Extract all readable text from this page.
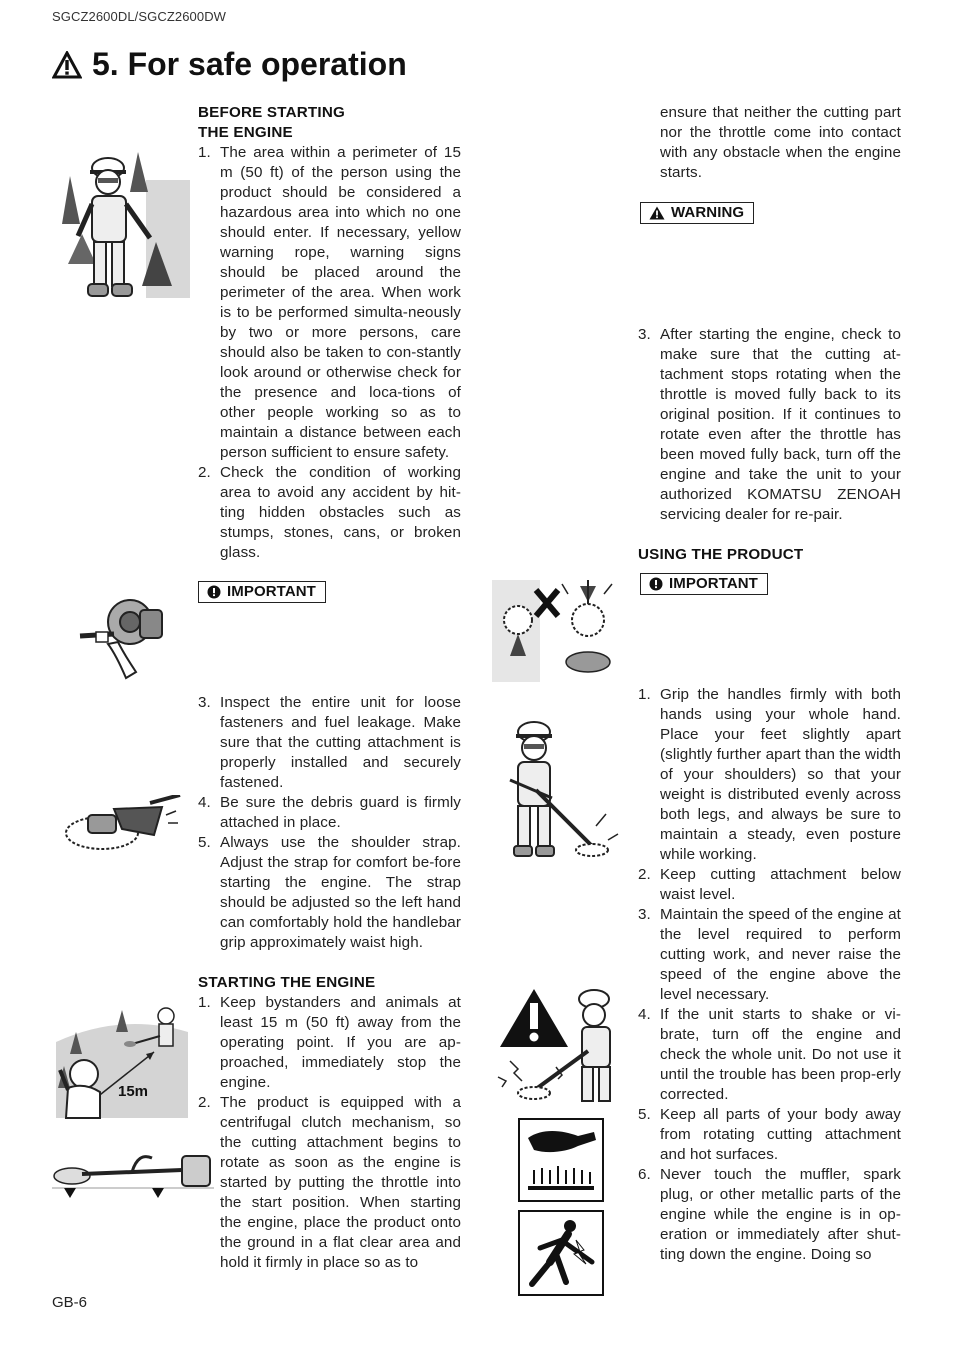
SGCZ2600DL/SGCZ2600DW
5. For safe operation

BEFORE STARTING

THE ENGINE

1. The area within a perimeter of 15 m (50 ft) of the person using the product should be considered a hazardous area into which no one should enter. If necessary, yellow warning rope, warning signs should be placed around the perimeter of the area. When work is to be performed simulta-neously by two or more persons, care should also be taken to con-stantly look around or otherwise check for the presence and loca-tions of other people working so as to maintain a distance between each person sufficient to ensure safety.
2. Check the condition of working area to avoid any accident by hit-ting hidden obstacles such as stumps, stones, cans, or broken glass.
IMPORTANT
3. Inspect the entire unit for loose fasteners and fuel leakage. Make sure that the cutting attachment is properly installed and securely fastened.
4. Be sure the debris guard is firmly attached in place.
5. Always use the shoulder strap. Adjust the strap for comfort be-fore starting the engine. The strap should be adjusted so the left hand can comfortably hold the handlebar grip approximately waist high.

STARTING THE ENGINE

1. Keep bystanders and animals at least 15 m (50 ft) away from the operating point. If you are ap-proached, immediately stop the engine.
2. The product is equipped with a centrifugal clutch mechanism, so the cutting attachment begins to rotate as soon as the engine is started by putting the throttle into the start position. When starting the engine, place the product onto the ground in a flat clear area and hold it firmly in place so as to

ensure that neither the cutting part nor the throttle come into contact with any obstacle when the engine starts.

WARNING
3. After starting the engine, check to make sure that the cutting at-tachment stops rotating when the throttle is moved fully back to its original position. If it continues to rotate even after the throttle has been moved fully back, turn off the engine and take the unit to your authorized KOMATSU ZENOAH servicing dealer for re-pair.

USING THE PRODUCT

IMPORTANT
1. Grip the handles firmly with both hands using your whole hand. Place your feet slightly apart (slightly further apart than the width of your shoulders) so that your weight is distributed evenly across both legs, and always be sure to maintain a steady, even posture while working.
2. Keep cutting attachment below waist level.
3. Maintain the speed of the engine at the level required to perform cutting work, and never raise the speed of the engine above the level necessary.
4. If the unit starts to shake or vi-brate, turn off the engine and check the whole unit. Do not use it until the trouble has been prop-erly corrected.
5. Keep all parts of your body away from rotating cutting attachment and hot surfaces.
6. Never touch the muffler, spark plug, or other metallic parts of the engine while the engine is in op-eration or immediately after shut-ting down the engine. Doing so
15m
GB-6
